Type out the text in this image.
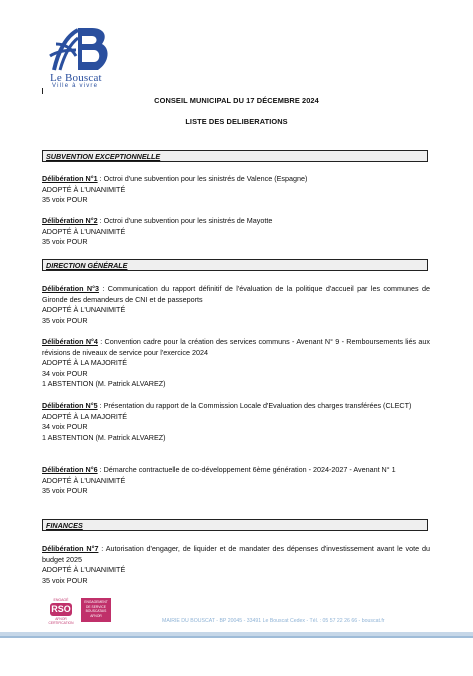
Le Bouscat
Ville à vivre
CONSEIL MUNICIPAL DU 17 DÉCEMBRE 2024
LISTE DES DELIBERATIONS
SUBVENTION EXCEPTIONNELLE
Délibération N°1 : Octroi d'une subvention pour les sinistrés de Valence (Espagne)
ADOPTÉ À L'UNANIMITÉ
35 voix POUR
Délibération N°2 : Octroi d'une subvention pour les sinistrés de Mayotte
ADOPTÉ À L'UNANIMITÉ
35 voix POUR
DIRECTION GÉNÉRALE
Délibération N°3 : Communication du rapport définitif de l'évaluation de la politique d'accueil par les communes de Gironde des demandeurs de CNI et de passeports
ADOPTÉ À L'UNANIMITÉ
35 voix POUR
Délibération N°4 : Convention cadre pour la création des services communs - Avenant N° 9 - Remboursements liés aux révisions de niveaux de service pour l'exercice 2024
ADOPTÉ À LA MAJORITÉ
34 voix POUR
1 ABSTENTION (M. Patrick ALVAREZ)
Délibération N°5 : Présentation du rapport de la Commission Locale d'Evaluation des charges transférées (CLECT)
ADOPTÉ À LA MAJORITÉ
34 voix POUR
1 ABSTENTION (M. Patrick ALVAREZ)
Délibération N°6 : Démarche contractuelle de co-développement 6ème génération - 2024-2027 - Avenant N° 1
ADOPTÉ À L'UNANIMITÉ
35 voix POUR
FINANCES
Délibération N°7 : Autorisation d'engager, de liquider et de mandater des dépenses d'investissement avant le vote du budget 2025
ADOPTÉ À L'UNANIMITÉ
35 voix POUR
ENGAGÉ
RSO
AFNOR CERTIFICATION
ENGAGEMENT
DE SERVICE
BOUSCATAIS
AFNOR
MAIRIE DU BOUSCAT - BP 20045 - 33491 Le Bouscat Cedex - Tél. : 05 57 22 26 66 - bouscat.fr
